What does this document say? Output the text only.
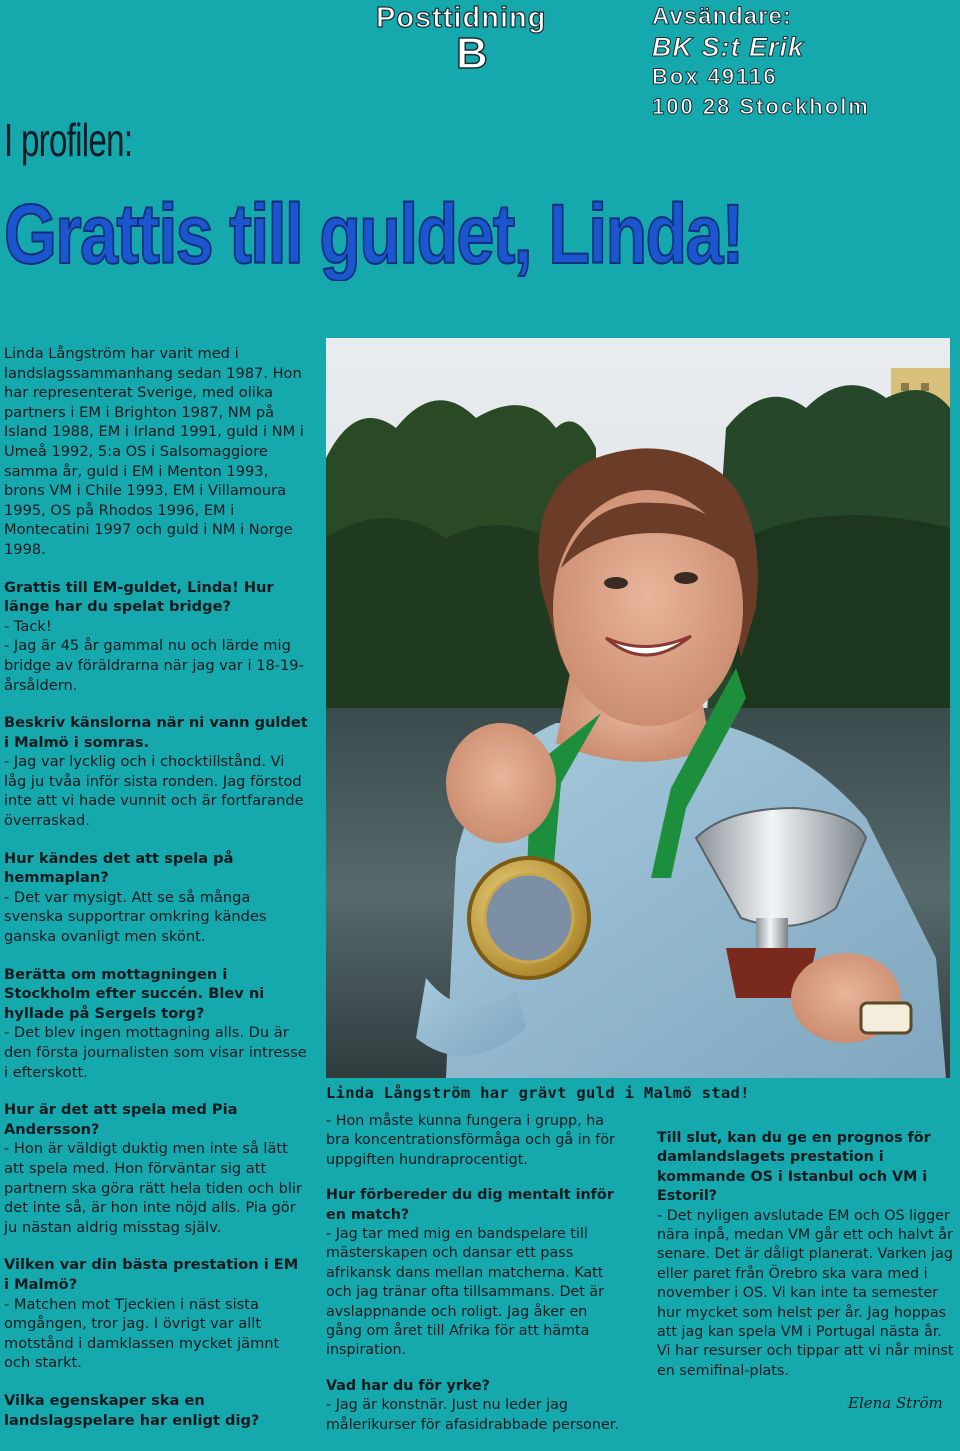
Posttidning
B
Avsändare:
BK S:t Erik
Box 49116
100 28 Stockholm
I profilen:
Grattis till guldet, Linda!

Linda Långström har varit med i landslagssammanhang sedan 1987. Hon har representerat Sverige, med olika partners i EM i Brighton 1987, NM på Island 1988, EM i Irland 1991, guld i NM i Umeå 1992, 5:a OS i Salsomaggiore samma år, guld i EM i Menton 1993, brons VM i Chile 1993, EM i Villamoura 1995, OS på Rhodos 1996, EM i Montecatini 1997 och guld i NM i Norge 1998.

Grattis till EM-guldet, Linda! Hur länge har du spelat bridge?
- Tack!
- Jag är 45 år gammal nu och lärde mig bridge av föräldrarna när jag var i 18-19-årsåldern.

Beskriv känslorna när ni vann guldet i Malmö i somras.
- Jag var lycklig och i chocktillstånd. Vi låg ju tvåa inför sista ronden. Jag förstod inte att vi hade vunnit och är fortfarande överraskad.

Hur kändes det att spela på hemmaplan?
- Det var mysigt. Att se så många svenska supportrar omkring kändes ganska ovanligt men skönt.

Berätta om mottagningen i Stockholm efter succén. Blev ni hyllade på Sergels torg?
- Det blev ingen mottagning alls. Du är den första journalisten som visar intresse i efterskott.

Hur är det att spela med Pia Andersson?
- Hon är väldigt duktig men inte så lätt att spela med. Hon förväntar sig att partnern ska göra rätt hela tiden och blir det inte så, är hon inte nöjd alls. Pia gör ju nästan aldrig misstag själv.

Vilken var din bästa prestation i EM i Malmö?
- Matchen mot Tjeckien i näst sista omgången, tror jag. I övrigt var allt motstånd i damklassen mycket jämnt och starkt.

Vilka egenskaper ska en landslagspelare har enligt dig?

Linda Långström har grävt guld i Malmö stad!

- Hon måste kunna fungera i grupp, ha bra koncentrationsförmåga och gå in för uppgiften hundraprocentigt.

Hur förbereder du dig mentalt inför en match?
- Jag tar med mig en bandspelare till mästerskapen och dansar ett pass afrikansk dans mellan matcherna. Katt och jag tränar ofta tillsammans. Det är avslappnande och roligt. Jag åker en gång om året till Afrika för att hämta inspiration.

Vad har du för yrke?
- Jag är konstnär. Just nu leder jag målerikurser för afasidrabbade personer.

Till slut, kan du ge en prognos för damlandslagets prestation i kommande OS i Istanbul och VM i Estoril?
- Det nyligen avslutade EM och OS ligger nära inpå, medan VM går ett och halvt år senare. Det är dåligt planerat. Varken jag eller paret från Örebro ska vara med i november i OS. Vi kan inte ta semester hur mycket som helst per år. Jag hoppas att jag kan spela VM i Portugal nästa år. Vi har resurser och tippar att vi når minst en semifinal-plats.

Elena Ström
